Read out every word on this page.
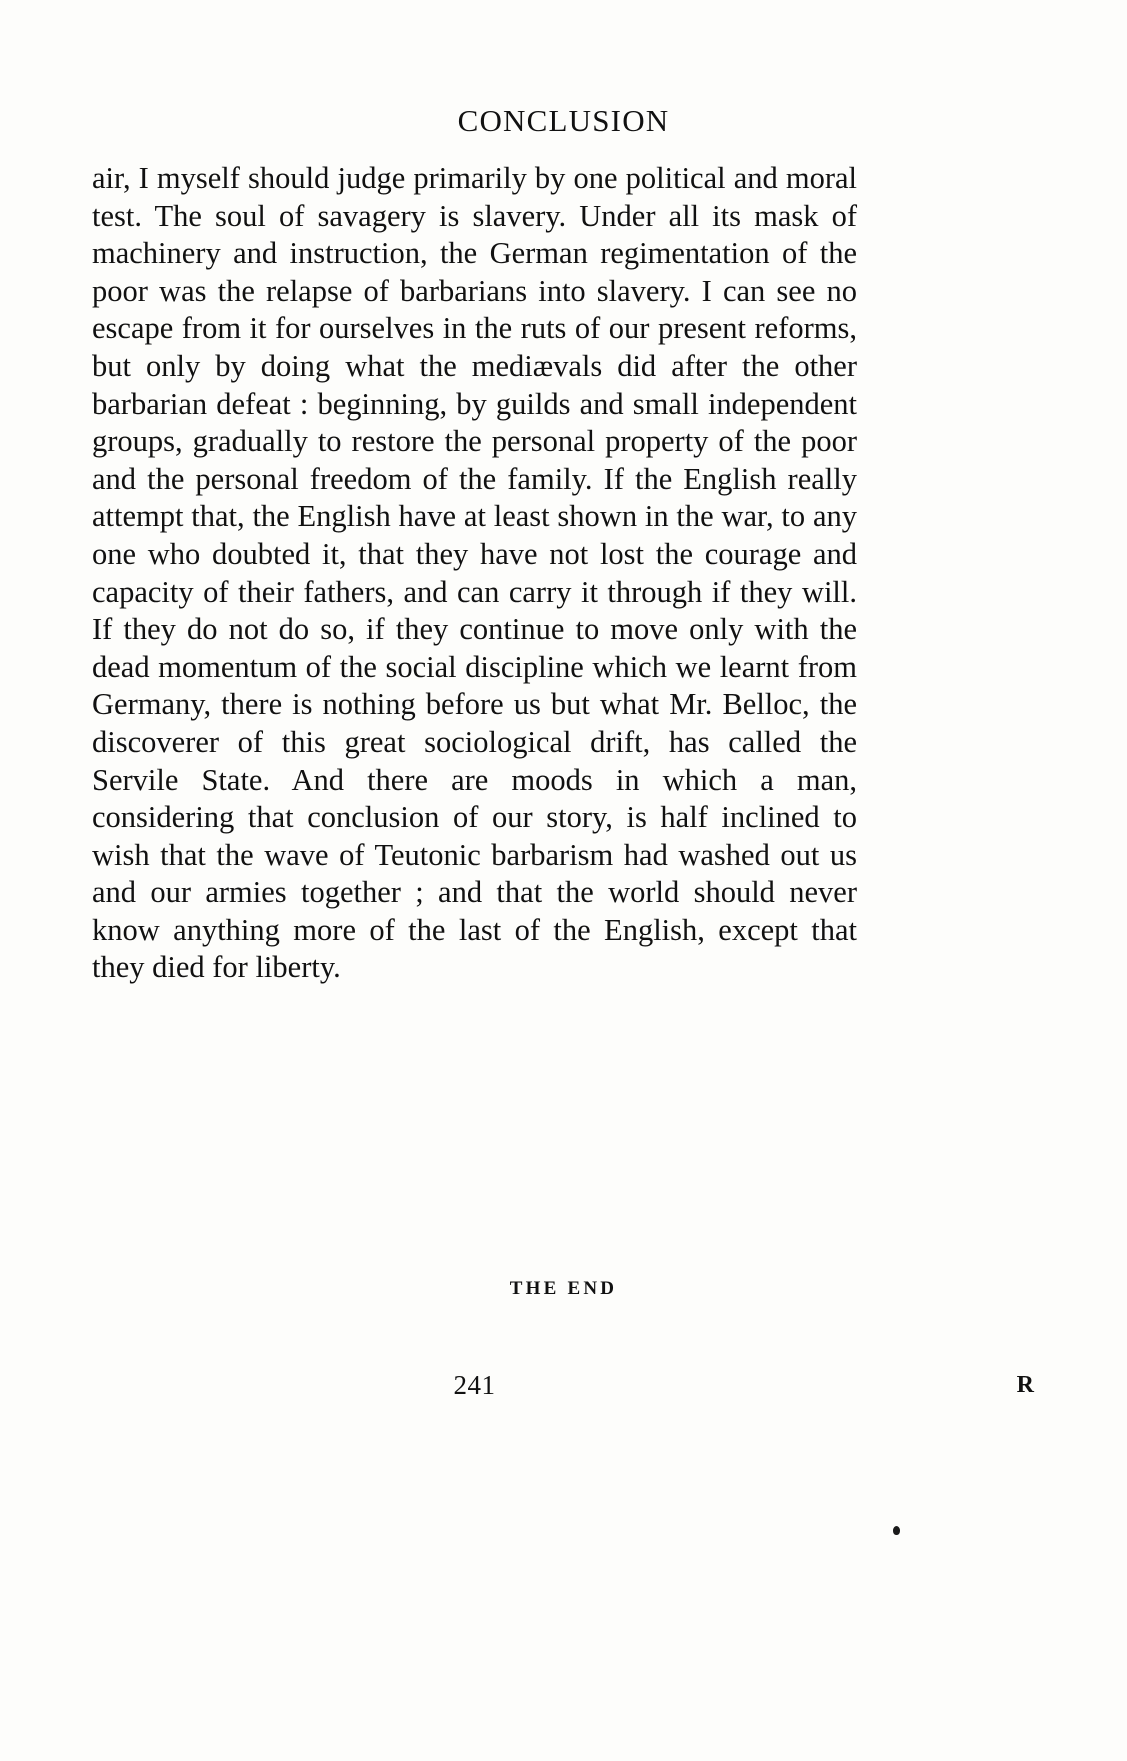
CONCLUSION

air, I myself should judge primarily by one political and moral test. The soul of savagery is slavery. Under all its mask of machinery and instruction, the German regimentation of the poor was the relapse of barbarians into slavery. I can see no escape from it for ourselves in the ruts of our present reforms, but only by doing what the mediævals did after the other barbarian defeat : beginning, by guilds and small independent groups, gradually to restore the personal property of the poor and the personal freedom of the family. If the English really attempt that, the English have at least shown in the war, to any one who doubted it, that they have not lost the courage and capacity of their fathers, and can carry it through if they will. If they do not do so, if they continue to move only with the dead momentum of the social discipline which we learnt from Germany, there is nothing before us but what Mr. Belloc, the discoverer of this great sociological drift, has called the Servile State. And there are moods in which a man, considering that conclusion of our story, is half inclined to wish that the wave of Teutonic barbarism had washed out us and our armies together ; and that the world should never know anything more of the last of the English, except that they died for liberty.

THE END
241	R
